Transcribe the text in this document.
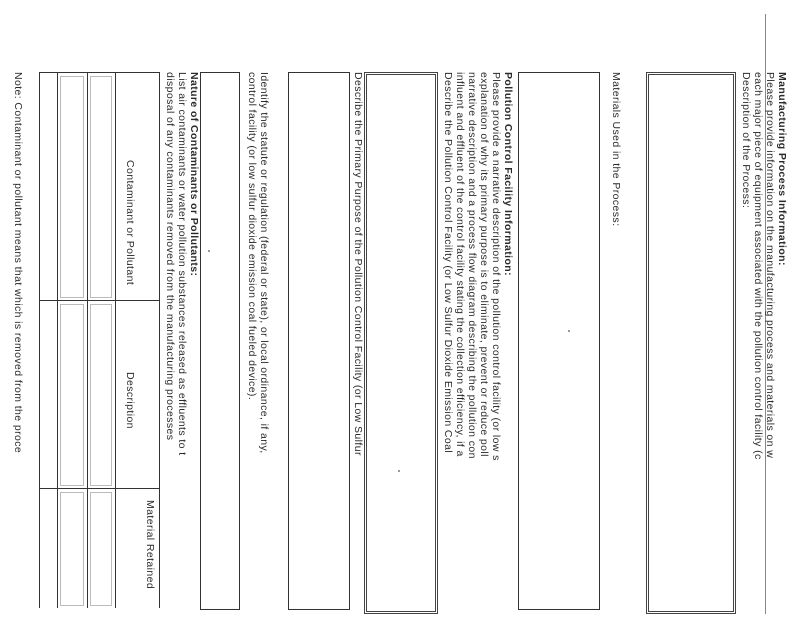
Manufacturing Process Information:
Please provide information on the manufacturing process and materials on w
each major piece of equipment associated with the pollution control facility (c
Description of the Process:
Materials Used in the Process:
Pollution Control Facility Information:
Please provide a narrative description of the pollution control facility (or low s
explanation of why its primary purpose is to eliminate, prevent or reduce poll
narrative description and a process flow diagram describing the pollution con
influent and effluent of the control facility stating the collection efficiency, if a
Describe the Pollution Control Facility (or Low Sulfur Dioxide Emission Coal
Describe the Primary Purpose of the Pollution Control Facility (or Low Sulfur
Identify the statute or regulation (federal or state), or local ordinance, if any,
control facility (or low sulfur dioxide emission coal fueled device).
Nature of Contaminants or Pollutants:
List air contaminants or water pollution substances released as effluents to t
disposal of any contaminants removed from the manufacturing processes
Contaminant or Pollutant
Description
Material Retained
Note: Contaminant or pollutant means that which is removed from the proce
